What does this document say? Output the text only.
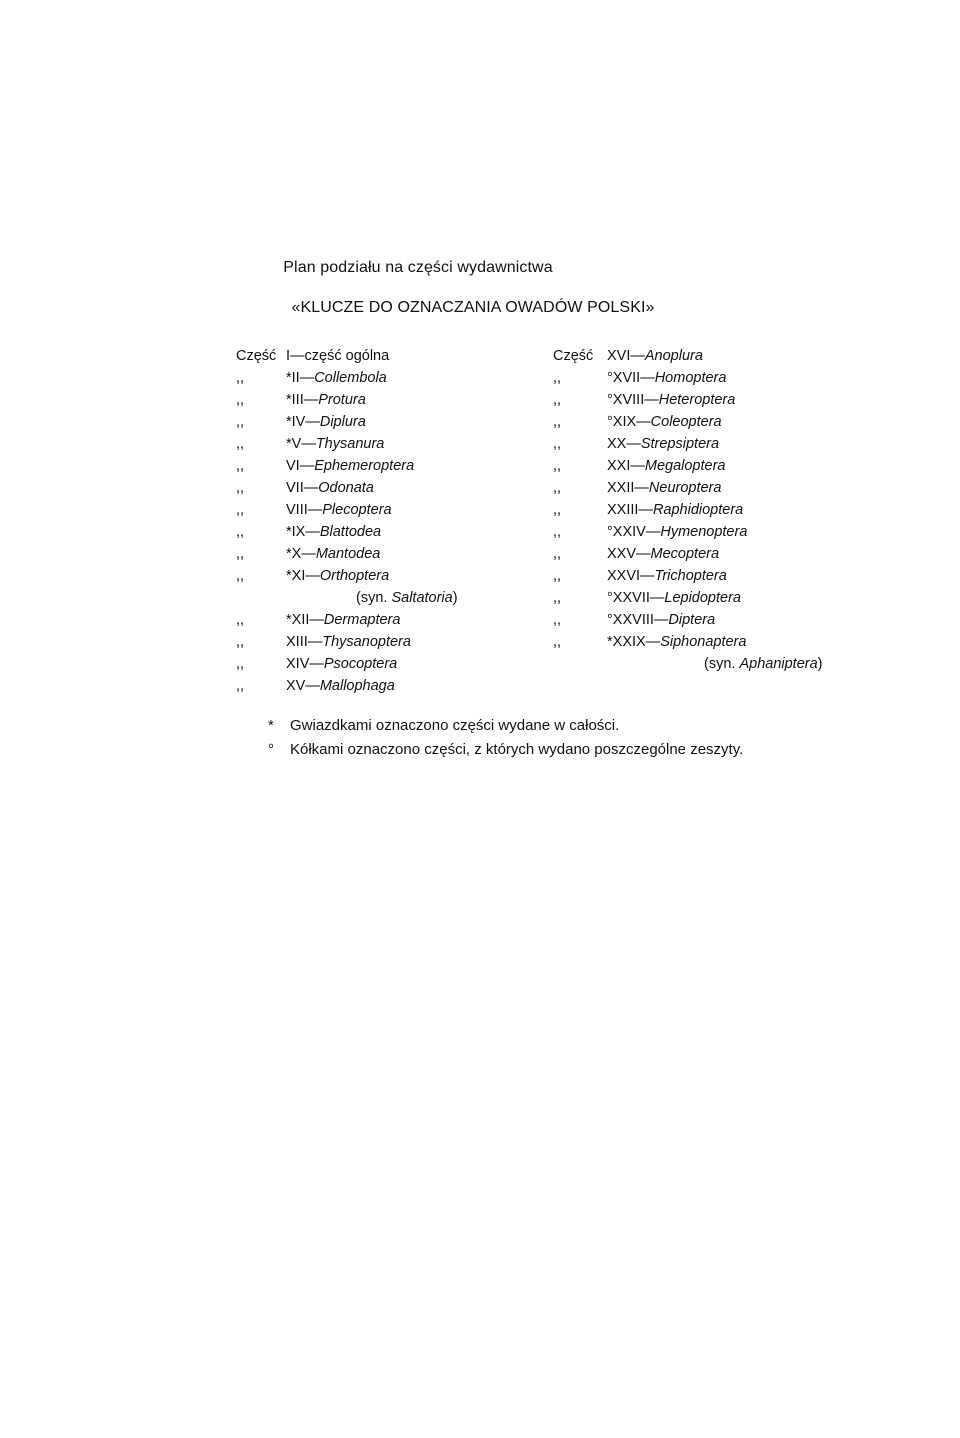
Plan podziału na części wydawnictwa
«KLUCZE DO OZNACZANIA OWADÓW POLSKI»
Część I—część ogólna
,,	*II—Collembola
,,	*III—Protura
,,	*IV—Diplura
,,	*V—Thysanura
,,	VI—Ephemeroptera
,,	VII—Odonata
,,	VIII—Plecoptera
,,	*IX—Blattodea
,,	*X—Mantodea
,,	*XI—Orthoptera
(syn. Saltatoria)
,,	*XII—Dermaptera
,,	XIII—Thysanoptera
,,	XIV—Psocoptera
,,	XV—Mallophaga
Część XVI—Anoplura
,,	°XVII—Homoptera
,,	°XVIII—Heteroptera
,,	°XIX—Coleoptera
,,	XX—Strepsiptera
,,	XXI—Megaloptera
,,	XXII—Neuroptera
,,	XXIII—Raphidioptera
,,	°XXIV—Hymenoptera
,,	XXV—Mecoptera
,,	XXVI—Trichoptera
,,	°XXVII—Lepidoptera
,,	°XXVIII—Diptera
,,	*XXIX—Siphonaptera
(syn. Aphaniptera)
* Gwiazdkami oznaczono części wydane w całości.
° Kółkami oznaczono części, z których wydano poszczególne zeszyty.
